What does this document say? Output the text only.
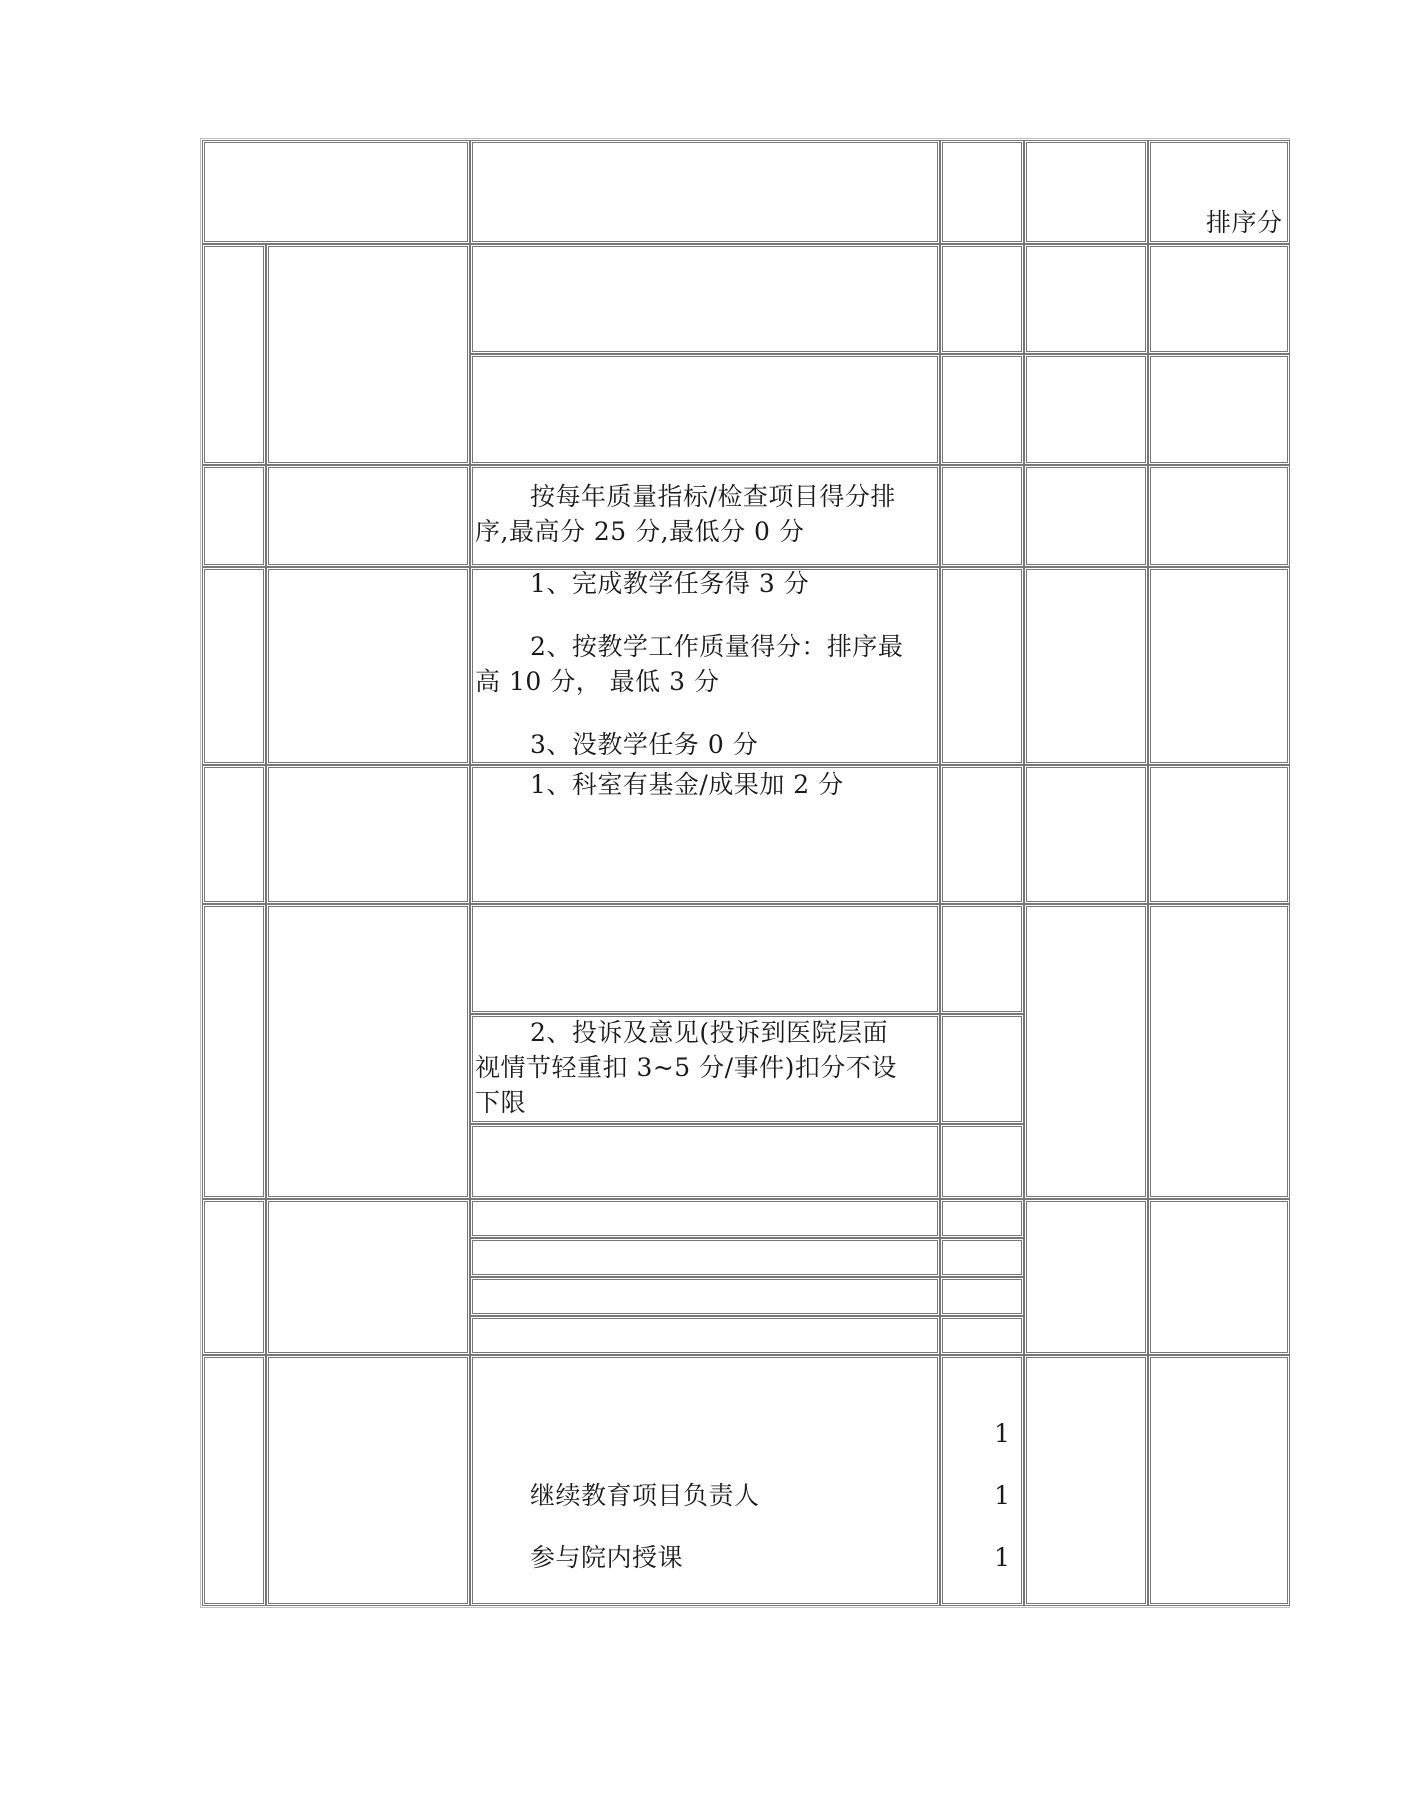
排序分
按每年质量指标/检查项目得分排
序,最高分 25 分,最低分 0 分
1、完成教学任务得 3 分
2、按教学工作质量得分：排序最
高 10 分， 最低 3 分
3、没教学任务 0 分
1、科室有基金/成果加 2 分
2、投诉及意见(投诉到医院层面
视情节轻重扣 3~5 分/事件)扣分不设
下限
1
继续教育项目负责人	1
参与院内授课	1
